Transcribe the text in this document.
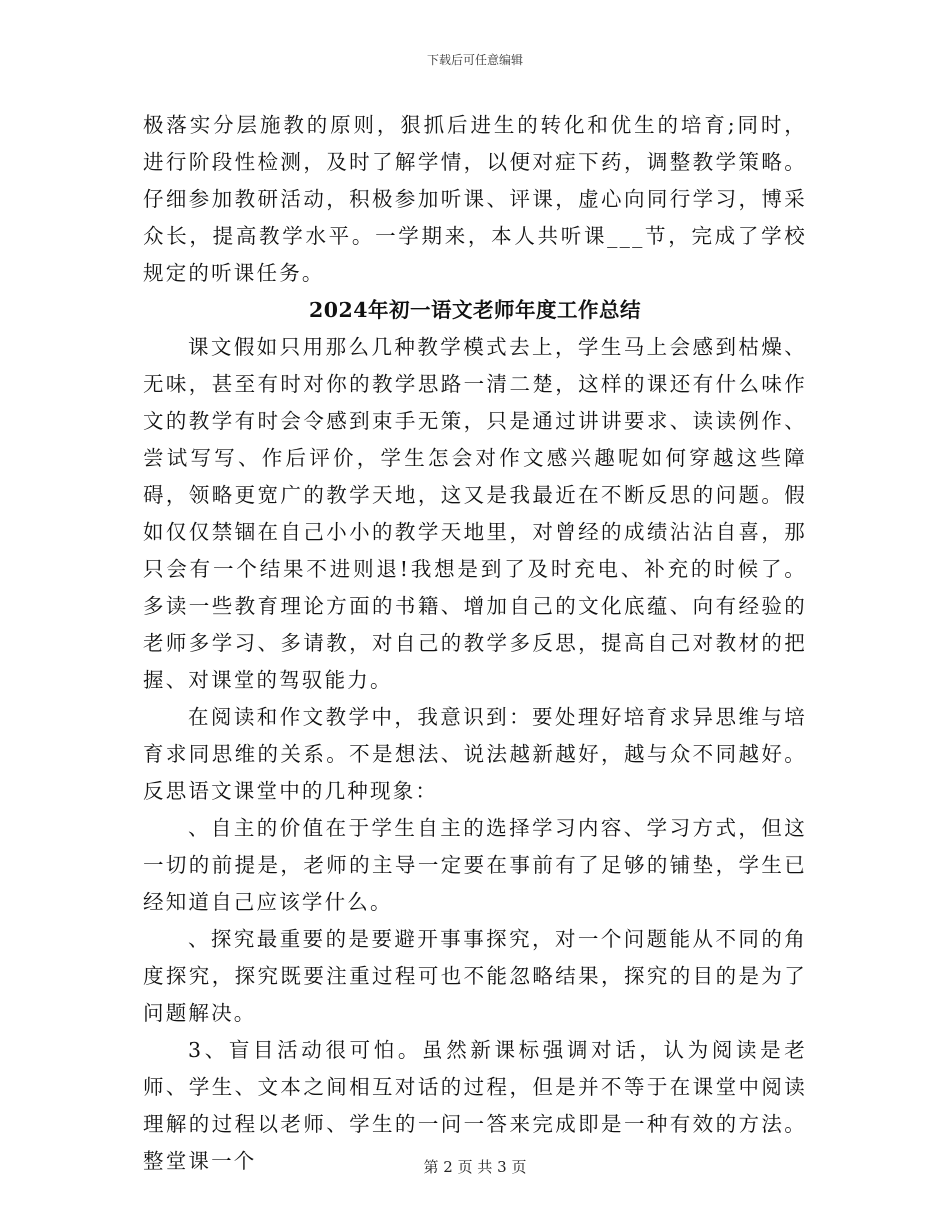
下载后可任意编辑

极落实分层施教的原则，狠抓后进生的转化和优生的培育;同时，进行阶段性检测，及时了解学情，以便对症下药，调整教学策略。仔细参加教研活动，积极参加听课、评课，虚心向同行学习，博采众长，提高教学水平。一学期来，本人共听课___节，完成了学校规定的听课任务。

2024年初一语文老师年度工作总结

课文假如只用那么几种教学模式去上，学生马上会感到枯燥、无味，甚至有时对你的教学思路一清二楚，这样的课还有什么味作文的教学有时会令感到束手无策，只是通过讲讲要求、读读例作、尝试写写、作后评价，学生怎会对作文感兴趣呢如何穿越这些障碍，领略更宽广的教学天地，这又是我最近在不断反思的问题。假如仅仅禁锢在自己小小的教学天地里，对曾经的成绩沾沾自喜，那只会有一个结果不进则退!我想是到了及时充电、补充的时候了。多读一些教育理论方面的书籍、增加自己的文化底蕴、向有经验的老师多学习、多请教，对自己的教学多反思，提高自己对教材的把握、对课堂的驾驭能力。

在阅读和作文教学中，我意识到：要处理好培育求异思维与培育求同思维的关系。不是想法、说法越新越好，越与众不同越好。反思语文课堂中的几种现象：

、自主的价值在于学生自主的选择学习内容、学习方式，但这一切的前提是，老师的主导一定要在事前有了足够的铺垫，学生已经知道自己应该学什么。

、探究最重要的是要避开事事探究，对一个问题能从不同的角度探究，探究既要注重过程可也不能忽略结果，探究的目的是为了问题解决。

3、盲目活动很可怕。虽然新课标强调对话，认为阅读是老师、学生、文本之间相互对话的过程，但是并不等于在课堂中阅读理解的过程以老师、学生的一问一答来完成即是一种有效的方法。整堂课一个	第 2 页 共 3 页
